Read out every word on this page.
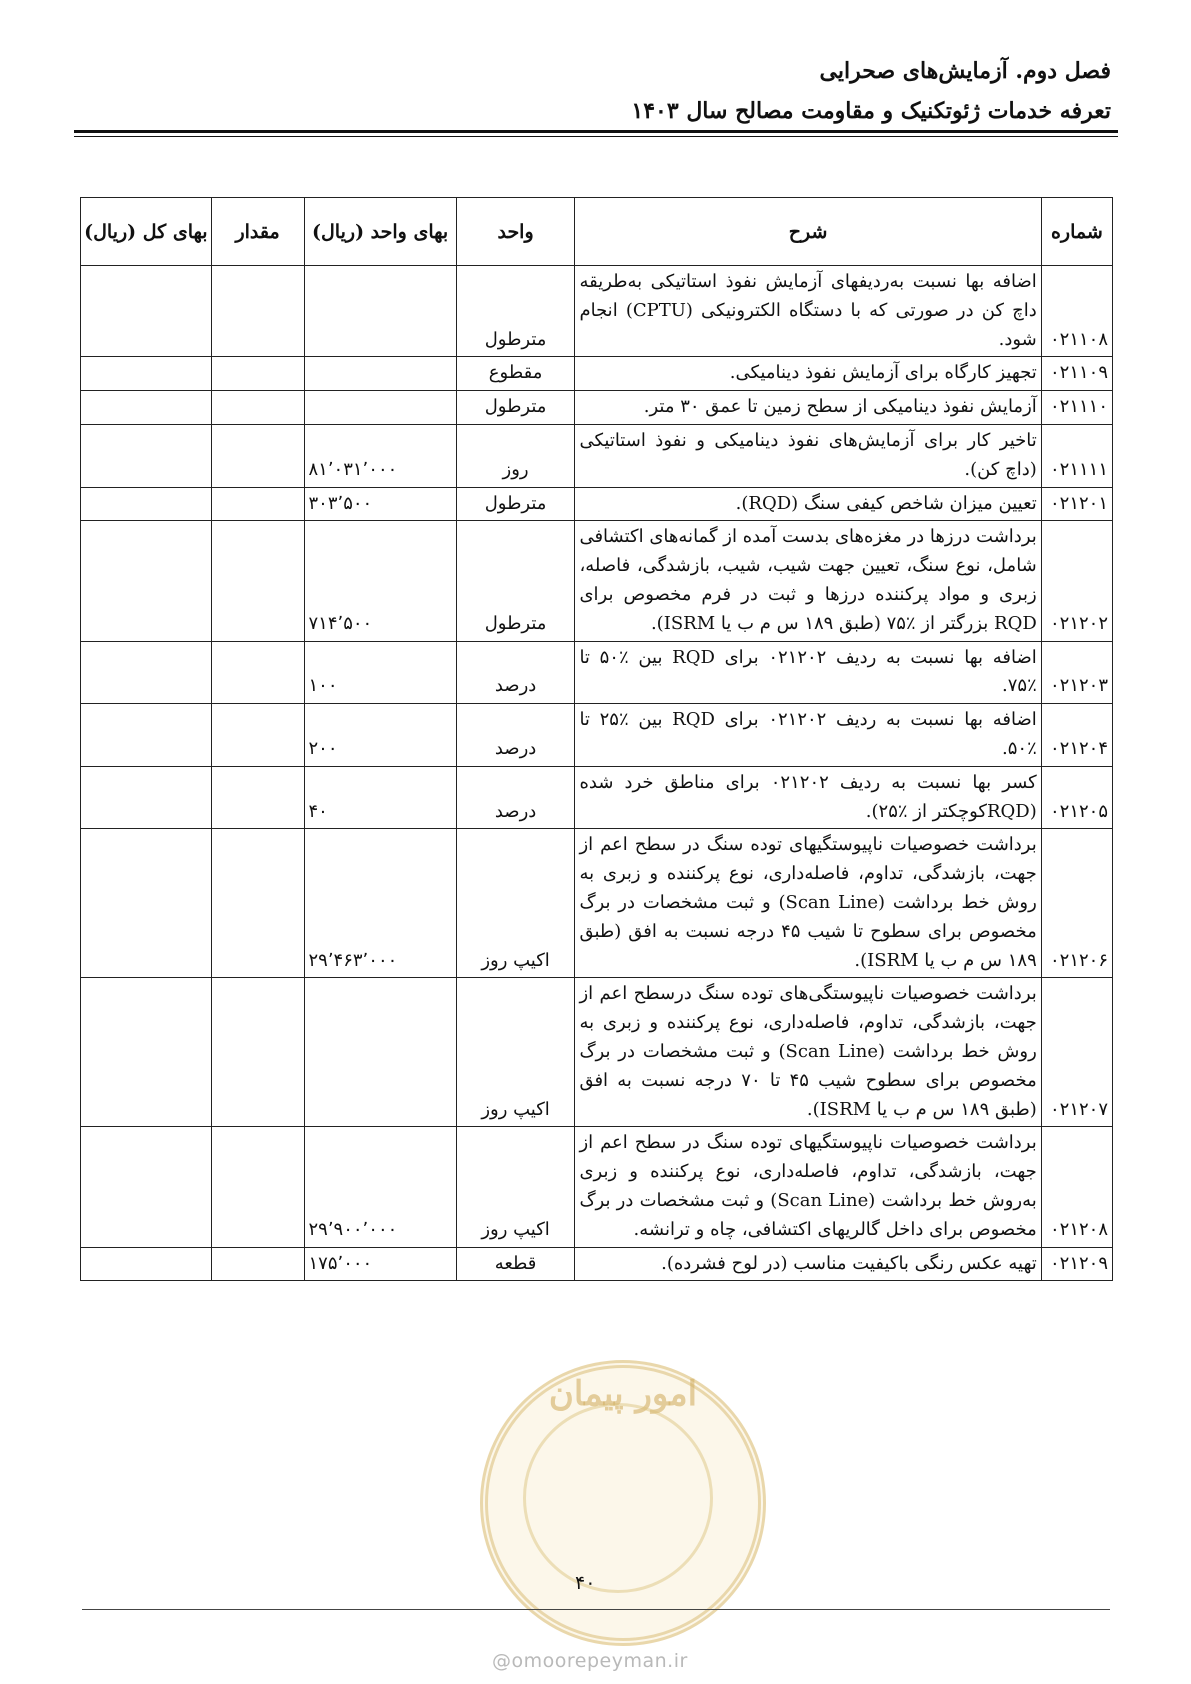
فصل دوم. آزمایش‌های صحرایی
تعرفه خدمات ژئوتکنیک و مقاومت مصالح سال ۱۴۰۳
شماره	شرح	واحد	بهای واحد (ریال)	مقدار	بهای کل (ریال)
۰۲۱۱۰۸	اضافه بها نسبت به‌ردیفهای آزمایش نفوذ استاتیکی به‌طریقه داچ کن در صورتی که با دستگاه الکترونیکی (CPTU) انجام شود.	مترطول			
۰۲۱۱۰۹	تجهیز کارگاه برای آزمایش نفوذ دینامیکی.	مقطوع			
۰۲۱۱۱۰	آزمایش نفوذ دینامیکی از سطح زمین تا عمق ۳۰ متر.	مترطول			
۰۲۱۱۱۱	تاخیر کار برای آزمایش‌های نفوذ دینامیکی و نفوذ استاتیکی (داچ کن).	روز	۸۱٬۰۳۱٬۰۰۰		
۰۲۱۲۰۱	تعیین میزان شاخص کیفی سنگ (RQD).	مترطول	۳۰۳٬۵۰۰		
۰۲۱۲۰۲	برداشت درزها در مغزه‌های بدست آمده از گمانه‌های اکتشافی شامل، نوع سنگ، تعیین جهت شیب، شیب، بازشدگی، فاصله، زبری و مواد پرکننده درزها و ثبت در فرم مخصوص برای RQD بزرگتر از ٪۷۵ (طبق ۱۸۹ س م ب یا ISRM).	مترطول	۷۱۴٬۵۰۰		
۰۲۱۲۰۳	اضافه بها نسبت به ردیف ۰۲۱۲۰۲ برای RQD بین ٪۵۰ تا ٪۷۵.	درصد	۱۰۰		
۰۲۱۲۰۴	اضافه بها نسبت به ردیف ۰۲۱۲۰۲ برای RQD بین ٪۲۵ تا ٪۵۰.	درصد	۲۰۰		
۰۲۱۲۰۵	کسر بها نسبت به ردیف ۰۲۱۲۰۲ برای مناطق خرد شده (RQDکوچکتر از ٪۲۵).	درصد	۴۰		
۰۲۱۲۰۶	برداشت خصوصیات ناپیوستگیهای توده سنگ در سطح اعم از جهت، بازشدگی، تداوم، فاصله‌داری، نوع پرکننده و زبری به روش خط برداشت (Scan Line) و ثبت مشخصات در برگ مخصوص برای سطوح تا شیب ۴۵ درجه نسبت به افق (طبق ۱۸۹ س م ب یا ISRM).	اکیپ روز	۲۹٬۴۶۳٬۰۰۰		
۰۲۱۲۰۷	برداشت خصوصیات ناپیوستگی‌های توده سنگ درسطح اعم از جهت، بازشدگی، تداوم، فاصله‌داری، نوع پرکننده و زبری به روش خط برداشت (Scan Line) و ثبت مشخصات در برگ مخصوص برای سطوح شیب ۴۵ تا ۷۰ درجه نسبت به افق (طبق ۱۸۹ س م ب یا ISRM).	اکیپ روز			
۰۲۱۲۰۸	برداشت خصوصیات ناپیوستگیهای توده سنگ در سطح اعم از جهت، بازشدگی، تداوم، فاصله‌داری، نوع پرکننده و زبری به‌روش خط برداشت (Scan Line) و ثبت مشخصات در برگ مخصوص برای داخل گالریهای اکتشافی، چاه و ترانشه.	اکیپ روز	۲۹٬۹۰۰٬۰۰۰		
۰۲۱۲۰۹	تهیه عکس رنگی باکیفیت مناسب (در لوح فشرده).	قطعه	۱۷۵٬۰۰۰		
امور پیمان
۴۰
@omoorepeyman.ir
